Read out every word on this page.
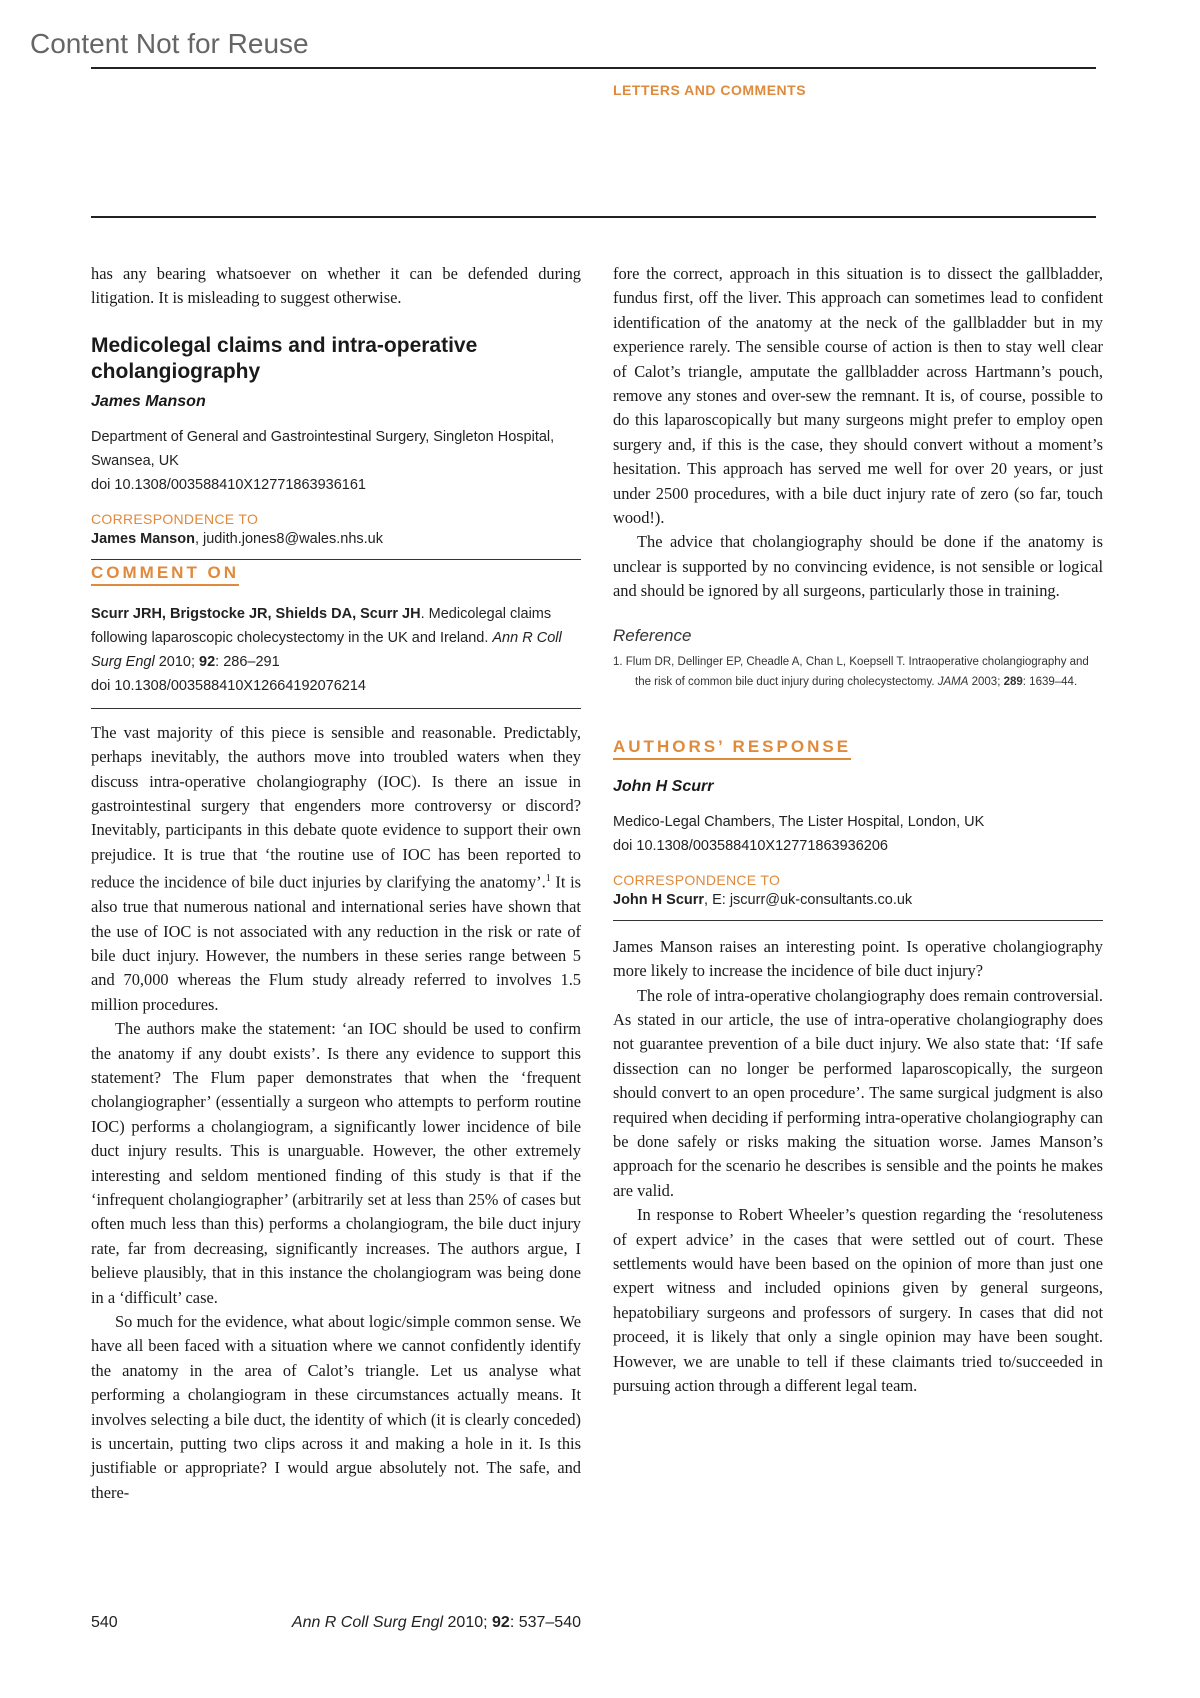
Content Not for Reuse
LETTERS AND COMMENTS

has any bearing whatsoever on whether it can be defended during litigation. It is misleading to suggest otherwise.

Medicolegal claims and intra-operative cholangiography
James Manson
Department of General and Gastrointestinal Surgery, Singleton Hospital, Swansea, UK
doi 10.1308/003588410X12771863936161
CORRESPONDENCE TO
James Manson, judith.jones8@wales.nhs.uk
COMMENT ON
Scurr JRH, Brigstocke JR, Shields DA, Scurr JH. Medicolegal claims following laparoscopic cholecystectomy in the UK and Ireland. Ann R Coll Surg Engl 2010; 92: 286–291
doi 10.1308/003588410X12664192076214

The vast majority of this piece is sensible and reasonable. Predictably, perhaps inevitably, the authors move into troubled waters when they discuss intra-operative cholangiography (IOC). Is there an issue in gastrointestinal surgery that engenders more controversy or discord? Inevitably, participants in this debate quote evidence to support their own prejudice. It is true that ‘the routine use of IOC has been reported to reduce the incidence of bile duct injuries by clarifying the anatomy’.$^1$ It is also true that numerous national and international series have shown that the use of IOC is not associated with any reduction in the risk or rate of bile duct injury. However, the numbers in these series range between 5 and 70,000 whereas the Flum study already referred to involves 1.5 million procedures.

The authors make the statement: ‘an IOC should be used to confirm the anatomy if any doubt exists’. Is there any evidence to support this statement? The Flum paper demonstrates that when the ‘frequent cholangiographer’ (essentially a surgeon who attempts to perform routine IOC) performs a cholangiogram, a significantly lower incidence of bile duct injury results. This is unarguable. However, the other extremely interesting and seldom mentioned finding of this study is that if the ‘infrequent cholangiographer’ (arbitrarily set at less than 25% of cases but often much less than this) performs a cholangiogram, the bile duct injury rate, far from decreasing, significantly increases. The authors argue, I believe plausibly, that in this instance the cholangiogram was being done in a ‘difficult’ case.

So much for the evidence, what about logic/simple common sense. We have all been faced with a situation where we cannot confidently identify the anatomy in the area of Calot’s triangle. Let us analyse what performing a cholangiogram in these circumstances actually means. It involves selecting a bile duct, the identity of which (it is clearly conceded) is uncertain, putting two clips across it and making a hole in it. Is this justifiable or appropriate? I would argue absolutely not. The safe, and there-

fore the correct, approach in this situation is to dissect the gallbladder, fundus first, off the liver. This approach can sometimes lead to confident identification of the anatomy at the neck of the gallbladder but in my experience rarely. The sensible course of action is then to stay well clear of Calot’s triangle, amputate the gallbladder across Hartmann’s pouch, remove any stones and over-sew the remnant. It is, of course, possible to do this laparoscopically but many surgeons might prefer to employ open surgery and, if this is the case, they should convert without a moment’s hesitation. This approach has served me well for over 20 years, or just under 2500 procedures, with a bile duct injury rate of zero (so far, touch wood!).

The advice that cholangiography should be done if the anatomy is unclear is supported by no convincing evidence, is not sensible or logical and should be ignored by all surgeons, particularly those in training.

Reference
1. Flum DR, Dellinger EP, Cheadle A, Chan L, Koepsell T. Intraoperative cholangiography and the risk of common bile duct injury during cholecystectomy. JAMA 2003; 289: 1639–44.
AUTHORS’ RESPONSE
John H Scurr
Medico-Legal Chambers, The Lister Hospital, London, UK
doi 10.1308/003588410X12771863936206
CORRESPONDENCE TO
John H Scurr, E: jscurr@uk-consultants.co.uk

James Manson raises an interesting point. Is operative cholangiography more likely to increase the incidence of bile duct injury?

The role of intra-operative cholangiography does remain controversial. As stated in our article, the use of intra-operative cholangiography does not guarantee prevention of a bile duct injury. We also state that: ‘If safe dissection can no longer be performed laparoscopically, the surgeon should convert to an open procedure’. The same surgical judgment is also required when deciding if performing intra-operative cholangiography can be done safely or risks making the situation worse. James Manson’s approach for the scenario he describes is sensible and the points he makes are valid.

In response to Robert Wheeler’s question regarding the ‘resoluteness of expert advice’ in the cases that were settled out of court. These settlements would have been based on the opinion of more than just one expert witness and included opinions given by general surgeons, hepatobiliary surgeons and professors of surgery. In cases that did not proceed, it is likely that only a single opinion may have been sought. However, we are unable to tell if these claimants tried to/succeeded in pursuing action through a different legal team.

540	Ann R Coll Surg Engl 2010; 92: 537–540
